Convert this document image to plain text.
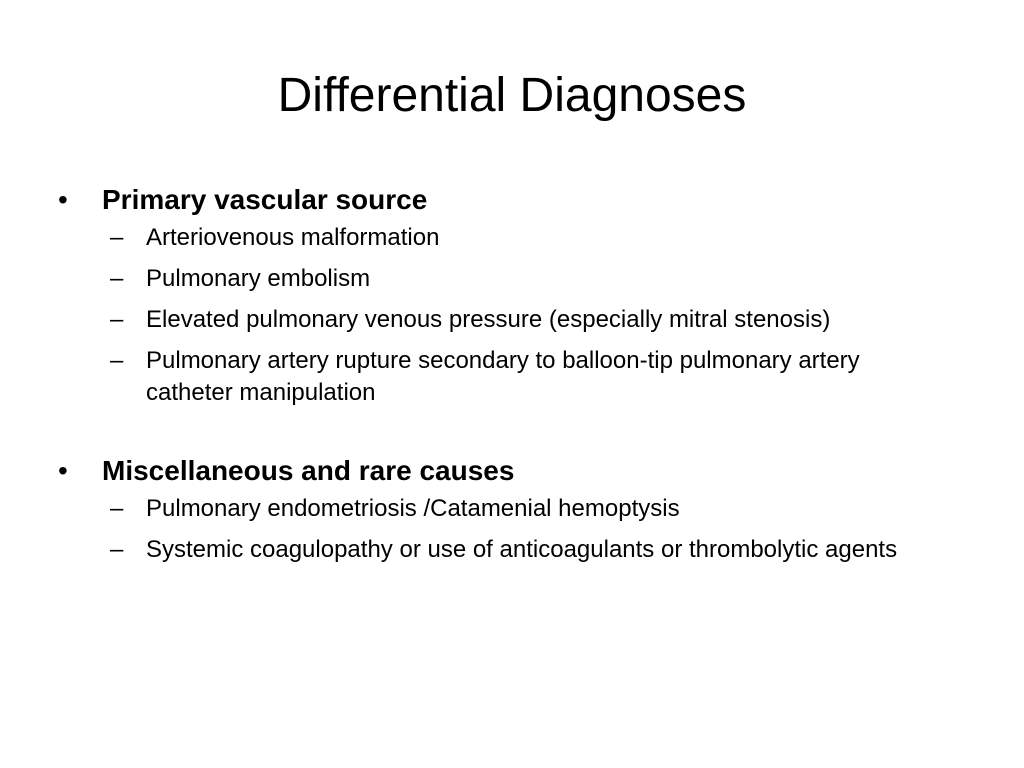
Differential Diagnoses
•	Primary vascular source
– Arteriovenous malformation
– Pulmonary embolism
– Elevated pulmonary venous pressure (especially mitral stenosis)
– Pulmonary artery rupture secondary to balloon-tip pulmonary artery catheter manipulation
•	Miscellaneous and rare causes
– Pulmonary endometriosis /Catamenial hemoptysis
– Systemic coagulopathy or use of anticoagulants or thrombolytic agents
